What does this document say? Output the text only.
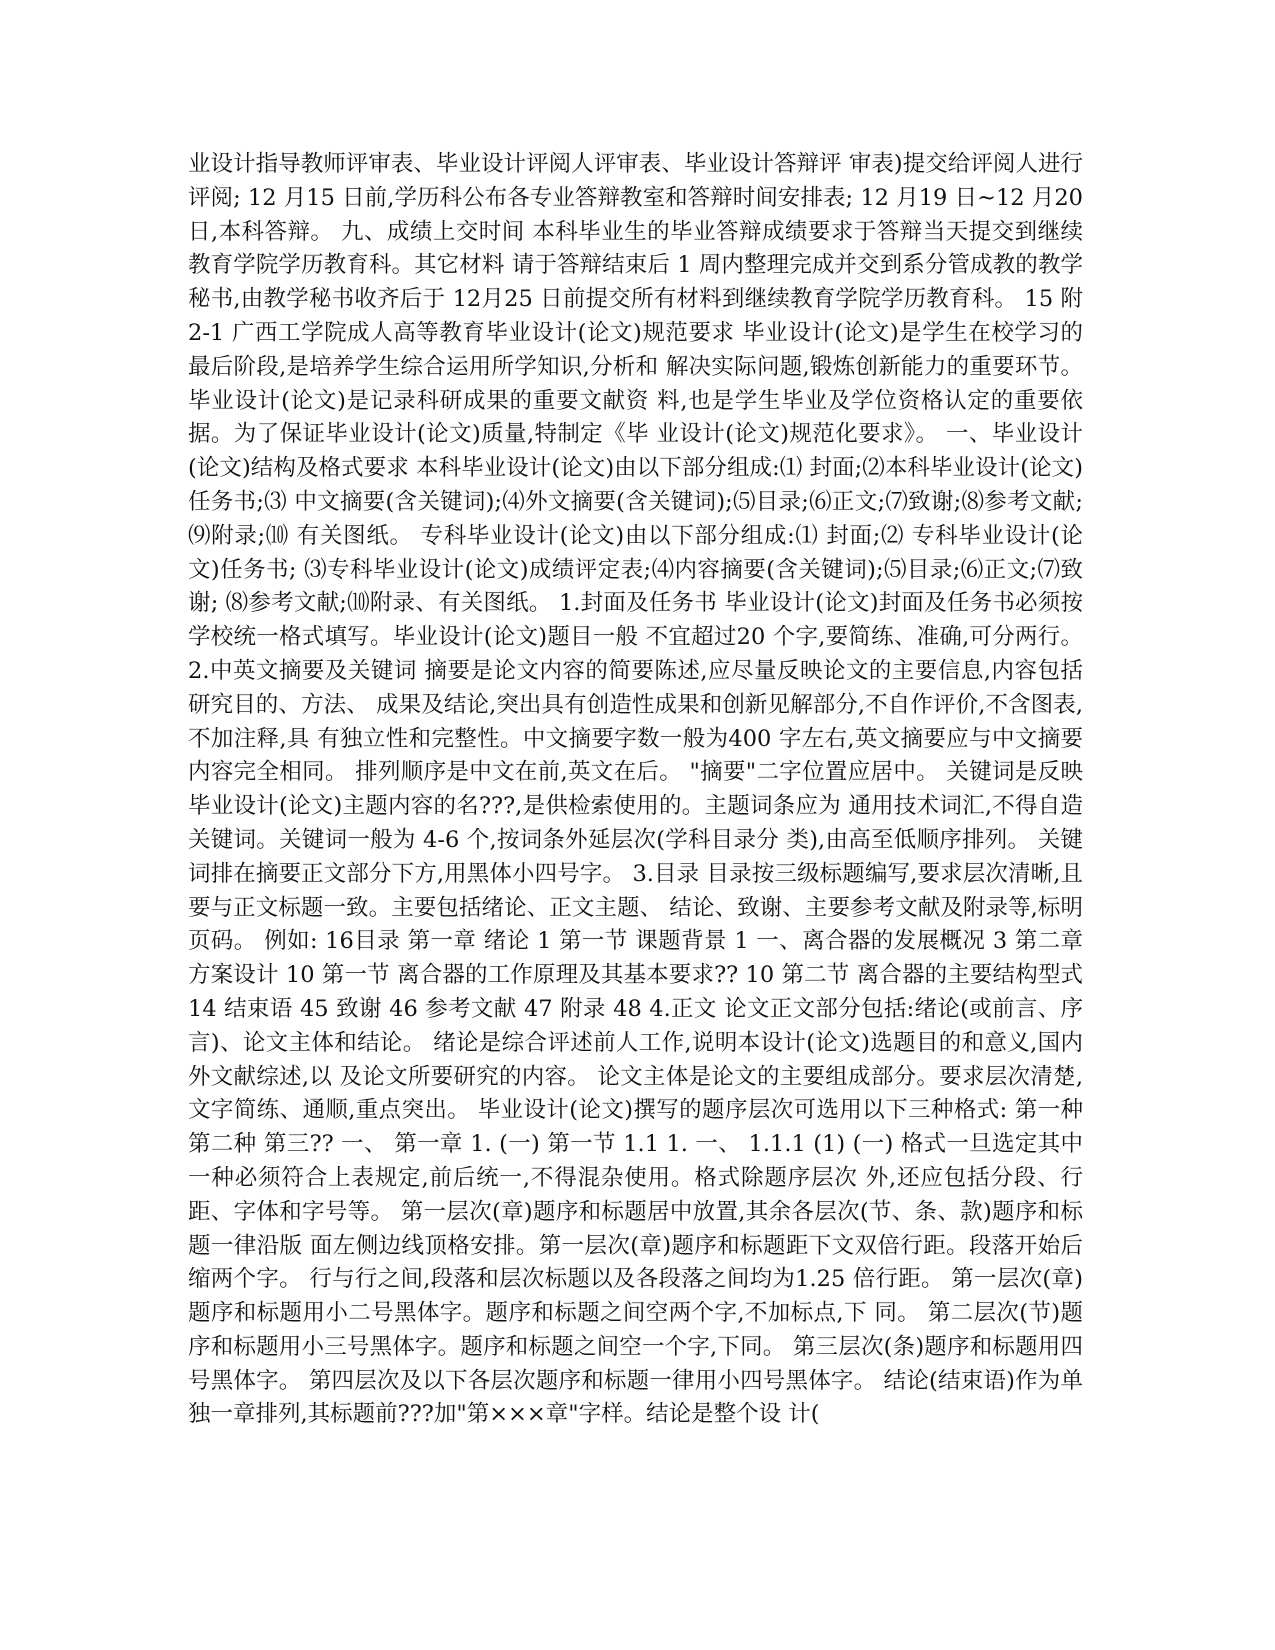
业设计指导教师评审表、毕业设计评阅人评审表、毕业设计答辩评 审表)提交给评阅人进行评阅; 12 月15 日前,学历科公布各专业答辩教室和答辩时间安排表; 12 月19 日~12 月20 日,本科答辩。 九、成绩上交时间 本科毕业生的毕业答辩成绩要求于答辩当天提交到继续教育学院学历教育科。其它材料 请于答辩结束后 1 周内整理完成并交到系分管成教的教学秘书,由教学秘书收齐后于 12月25 日前提交所有材料到继续教育学院学历教育科。 15 附2-1 广西工学院成人高等教育毕业设计(论文)规范要求 毕业设计(论文)是学生在校学习的最后阶段,是培养学生综合运用所学知识,分析和 解决实际问题,锻炼创新能力的重要环节。毕业设计(论文)是记录科研成果的重要文献资 料,也是学生毕业及学位资格认定的重要依据。为了保证毕业设计(论文)质量,特制定《毕 业设计(论文)规范化要求》。 一、毕业设计(论文)结构及格式要求 本科毕业设计(论文)由以下部分组成:⑴ 封面;⑵本科毕业设计(论文)任务书;⑶ 中文摘要(含关键词);⑷外文摘要(含关键词);⑸目录;⑹正文;⑺致谢;⑻参考文献;⑼附录;⑽ 有关图纸。 专科毕业设计(论文)由以下部分组成:⑴ 封面;⑵ 专科毕业设计(论文)任务书; ⑶专科毕业设计(论文)成绩评定表;⑷内容摘要(含关键词);⑸目录;⑹正文;⑺致谢; ⑻参考文献;⑽附录、有关图纸。 1.封面及任务书 毕业设计(论文)封面及任务书必须按学校统一格式填写。毕业设计(论文)题目一般 不宜超过20 个字,要简练、准确,可分两行。 2.中英文摘要及关键词 摘要是论文内容的简要陈述,应尽量反映论文的主要信息,内容包括研究目的、方法、 成果及结论,突出具有创造性成果和创新见解部分,不自作评价,不含图表,不加注释,具 有独立性和完整性。中文摘要字数一般为400 字左右,英文摘要应与中文摘要内容完全相同。 排列顺序是中文在前,英文在后。 "摘要"二字位置应居中。 关键词是反映毕业设计(论文)主题内容的名???,是供检索使用的。主题词条应为 通用技术词汇,不得自造关键词。关键词一般为 4-6 个,按词条外延层次(学科目录分 类),由高至低顺序排列。 关键词排在摘要正文部分下方,用黑体小四号字。 3.目录 目录按三级标题编写,要求层次清晰,且要与正文标题一致。主要包括绪论、正文主题、 结论、致谢、主要参考文献及附录等,标明页码。 例如: 16目录 第一章 绪论 1 第一节 课题背景 1 一、离合器的发展概况 3 第二章 方案设计 10 第一节 离合器的工作原理及其基本要求?? 10 第二节 离合器的主要结构型式 14 结束语 45 致谢 46 参考文献 47 附录 48 4.正文 论文正文部分包括:绪论(或前言、序言)、论文主体和结论。 绪论是综合评述前人工作,说明本设计(论文)选题目的和意义,国内外文献综述,以 及论文所要研究的内容。 论文主体是论文的主要组成部分。要求层次清楚,文字简练、通顺,重点突出。 毕业设计(论文)撰写的题序层次可选用以下三种格式: 第一种 第二种 第三?? 一、 第一章 1. (一) 第一节 1.1 1. 一、 1.1.1 (1) (一) 格式一旦选定其中一种必须符合上表规定,前后统一,不得混杂使用。格式除题序层次 外,还应包括分段、行距、字体和字号等。 第一层次(章)题序和标题居中放置,其余各层次(节、条、款)题序和标题一律沿版 面左侧边线顶格安排。第一层次(章)题序和标题距下文双倍行距。段落开始后缩两个字。 行与行之间,段落和层次标题以及各段落之间均为1.25 倍行距。 第一层次(章)题序和标题用小二号黑体字。题序和标题之间空两个字,不加标点,下 同。 第二层次(节)题序和标题用小三号黑体字。题序和标题之间空一个字,下同。 第三层次(条)题序和标题用四号黑体字。 第四层次及以下各层次题序和标题一律用小四号黑体字。 结论(结束语)作为单独一章排列,其标题前???加"第×××章"字样。结论是整个设 计(
